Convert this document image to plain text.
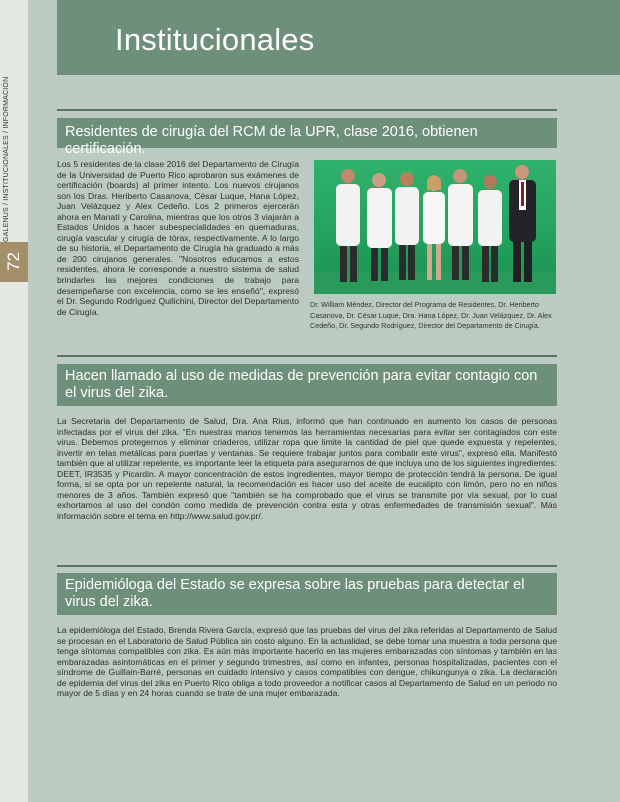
GALENUS / INSTITUCIONALES / INFORMACIÓN
72
Institucionales
Residentes de cirugía del RCM de la UPR, clase 2016, obtienen certificación.
Los 5 residentes de la clase 2016 del Departamento de Cirugía de la Universidad de Puerto Rico aprobaron sus exámenes de certificación (boards) al primer intento. Los nuevos cirujanos son los Dras. Heriberto Casanova, César Luque, Hana López, Juan Velázquez y Alex Cedeño. Los 2 primeros ejercerán ahora en Manatí y Carolina, mientras que los otros 3 viajarán a Estados Unidos a hacer subespecialidades en quemaduras, cirugía vascular y cirugía de tórax, respectivamente. A lo largo de su historia, el Departamento de Cirugía ha graduado a más de 200 cirujanos generales. "Nosotros educamos a estos residentes, ahora le corresponde a nuestro sistema de salud brindarles las mejores condiciones de trabajo para desempeñarse con excelencia, como se les enseñó", expresó el Dr. Segundo Rodríguez Quilichini, Director del Departamento de Cirugía.
Dr. William Méndez, Director del Programa de Residentes, Dr. Heriberto Casanova, Dr. César Luque, Dra. Hana López, Dr. Juan Velázquez, Dr. Alex Cedeño, Dr. Segundo Rodríguez, Director del Departamento de Cirugía.
Hacen llamado al uso de medidas de prevención para evitar contagio con el virus del zika.
La Secretaria del Departamento de Salud, Dra. Ana Rius, informó que han continuado en aumento los casos de personas infectadas por el virus del zika. "En nuestras manos tenemos las herramientas necesarias para evitar ser contagiados con este virus. Debemos protegernos y eliminar criaderos, utilizar ropa que limite la cantidad de piel que quede expuesta y repelentes, invertir en telas metálicas para puertas y ventanas. Se requiere trabajar juntos para combatir este virus", expresó ella. Manifestó también que al utilizar repelente, es importante leer la etiqueta para asegurarnos de que incluya uno de los siguientes ingredientes: DEET, IR3535 y Picardin. A mayor concentración de estos ingredientes, mayor tiempo de protección tendrá la persona. De igual forma, si se opta por un repelente natural, la recomendación es hacer uso del aceite de eucalipto con limón, pero no en niños menores de 3 años. También expresó que "también se ha comprobado que el virus se transmite por vía sexual, por lo cual exhortamos al uso del condón como medida de prevención contra esta y otras enfermedades de transmisión sexual". Más información sobre el tema en http://www.salud.gov.pr/.
Epidemióloga del Estado se expresa sobre las pruebas para detectar el virus del zika.
La epidemióloga del Estado, Brenda Rivera García, expresó que las pruebas del virus del zika referidas al Departamento de Salud se procesan en el Laboratorio de Salud Pública sin costo alguno. En la actualidad, se debe tomar una muestra a toda persona que tenga síntomas compatibles con zika. Es aún más importante hacerlo en las mujeres embarazadas con síntomas y también en las embarazadas asintomáticas en el primer y segundo trimestres, así como en infantes, personas hospitalizadas, pacientes con el síndrome de Guillain-Barré, personas en cuidado intensivo y casos compatibles con dengue, chikungunya o zika. La declaración de epidemia del virus del zika en Puerto Rico obliga a todo proveedor a notificar casos al Departamento de Salud en un periodo no mayor de 5 días y en 24 horas cuando se trate de una mujer embarazada.
